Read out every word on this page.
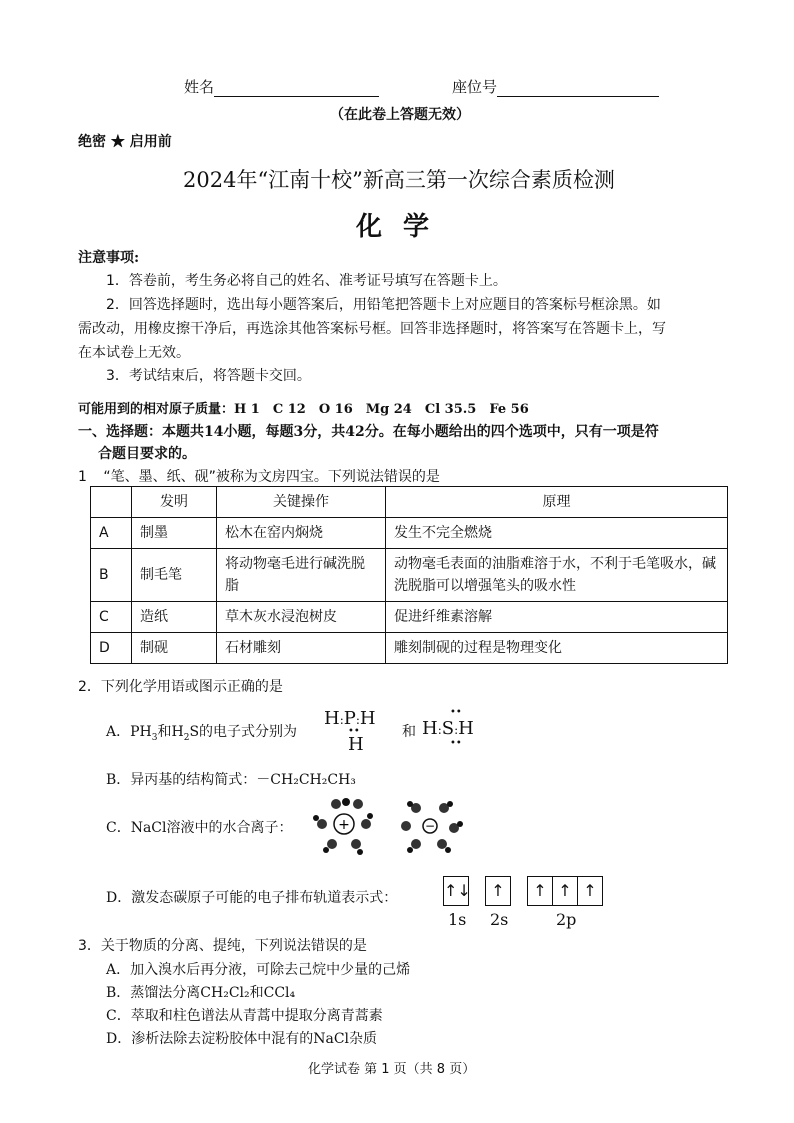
姓名	座位号
（在此卷上答题无效）
绝密 ★ 启用前
2024年“江南十校”新高三第一次综合素质检测
化 学
注意事项:
1．答卷前，考生务必将自己的姓名、准考证号填写在答题卡上。
2．回答选择题时，选出每小题答案后，用铅笔把答题卡上对应题目的答案标号框涂黑。如
需改动，用橡皮擦干净后，再选涂其他答案标号框。回答非选择题时，将答案写在答题卡上，写
在本试卷上无效。
3．考试结束后，将答题卡交回。
可能用到的相对原子质量：H 1　C 12　O 16　Mg 24　Cl 35.5　Fe 56
一、选择题：本题共14小题，每题3分，共42分。在每小题给出的四个选项中，只有一项是符
合题目要求的。
1 “笔、墨、纸、砚”被称为文房四宝。下列说法错误的是
	发明	关键操作	原理
A	制墨	松木在窑内焖烧	发生不完全燃烧
B	制毛笔	将动物毫毛进行碱洗脱脂	动物毫毛表面的油脂难溶于水，不利于毛笔吸水，碱洗脱脂可以增强笔头的吸水性
C	造纸	草木灰水浸泡树皮	促进纤维素溶解
D	制砚	石材雕刻	雕刻制砚的过程是物理变化
2．下列化学用语或图示正确的是
A．$PH_3$和$H_2S$的电子式分别为
H:P:H
••
H
和
••
H:S:H
••
B．异丙基的结构简式：－CH₂CH₂CH₃
C．NaCl溶液中的水合离子：	+	−
D．激发态碳原子可能的电子排布轨道表示式：	↑↓	↑	↑ ↑ ↑
1s 2s	2p
3．关于物质的分离、提纯，下列说法错误的是
A．加入溴水后再分液，可除去己烷中少量的己烯
B．蒸馏法分离CH₂Cl₂和CCl₄
C．萃取和柱色谱法从青蒿中提取分离青蒿素
D．渗析法除去淀粉胶体中混有的NaCl杂质
化学试卷 第 1 页（共 8 页）
